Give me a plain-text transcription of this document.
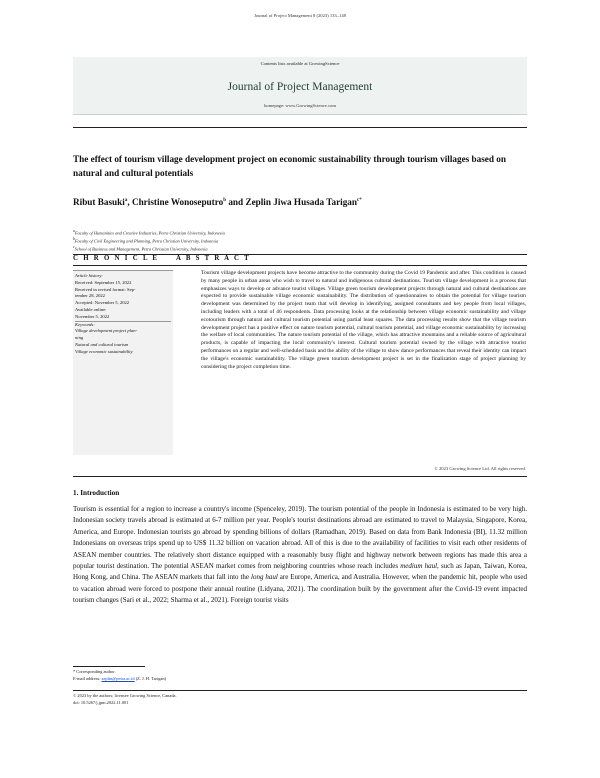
Journal of Project Management 8 (2023) 133–148
Contents lists available at GrowingScience
Journal of Project Management
homepage: www.GrowingScience.com
The effect of tourism village development project on economic sustainability through tourism villages based on natural and cultural potentials
Ribut Basuki$^a$, Christine Wonoseputro$^b$ and Zeplin Jiwa Husada Tarigan$^{c*}$
$^a$Faculty of Humanities and Creative Industries, Petra Christian University, Indonesia
$^b$Faculty of Civil Engineering and Planning, Petra Christian University, Indonesia
$^c$School of Business and Management, Petra Christian University, Indonesia
C H R O N I C L E	A B S T R A C T
Article history:
Received: September 15, 2022
Received in revised format: Sep-
tember 28, 2022
Accepted: November 5, 2022
Available online:
November 5, 2022
Keywords:
Village development project plan-
ning
Natural and cultural tourism
Village economic sustainability
Tourism village development projects have become attractive to the community during the Covid 19 Pandemic and after. This condition is caused by many people in urban areas who wish to travel to natural and indigenous cultural destinations. Tourism village development is a process that emphasizes ways to develop or advance tourist villages. Village green tourism development projects through natural and cultural destinations are expected to provide sustainable village economic sustainability. The distribution of questionnaires to obtain the potential for village tourism development was determined by the project team that will develop in identifying, assigned consultants and key people from local villages, including leaders with a total of 46 respondents. Data processing looks at the relationship between village economic sustainability and village ecotourism through natural and cultural tourism potential using partial least squares. The data processing results show that the village tourism development project has a positive effect on nature tourism potential, cultural tourism potential, and village economic sustainability by increasing the welfare of local communities. The nature tourism potential of the village, which has attractive mountains and a reliable source of agricultural products, is capable of impacting the local community's interest. Cultural tourism potential owned by the village with attractive tourist performances on a regular and well-scheduled basis and the ability of the village to show dance performances that reveal their identity can impact the village's economic sustainability. The village green tourism development project is set in the finalization stage of project planning by considering the project completion time.
© 2023 Growing Science Ltd. All rights reserved.
1. Introduction
Tourism is essential for a region to increase a country's income (Spenceley, 2019). The tourism potential of the people in Indonesia is estimated to be very high. Indonesian society travels abroad is estimated at 6-7 million per year. People's tourist destinations abroad are estimated to travel to Malaysia, Singapore, Korea, America, and Europe. Indonesian tourists go abroad by spending billions of dollars (Ramadhan, 2019). Based on data from Bank Indonesia (BI), 11.32 million Indonesians on overseas trips spend up to US$ 11.32 billion on vacation abroad. All of this is due to the availability of facilities to visit each other residents of ASEAN member countries. The relatively short distance equipped with a reasonably busy flight and highway network between regions has made this area a popular tourist destination. The potential ASEAN market comes from neighboring countries whose reach includes medium haul, such as Japan, Taiwan, Korea, Hong Kong, and China. The ASEAN markets that fall into the long haul are Europe, America, and Australia. However, when the pandemic hit, people who used to vacation abroad were forced to postpone their annual routine (Lidyana, 2021). The coordination built by the government after the Covid-19 event impacted tourism changes (Sari et al., 2022; Sharma et al., 2021). Foreign tourist visits
* Corresponding author.
E-mail address: zeplin@petra.ac.id (Z. J. H. Tarigan)
© 2023 by the authors; licensee Growing Science, Canada.
doi: 10.5267/j.jpm.2022.11.001
